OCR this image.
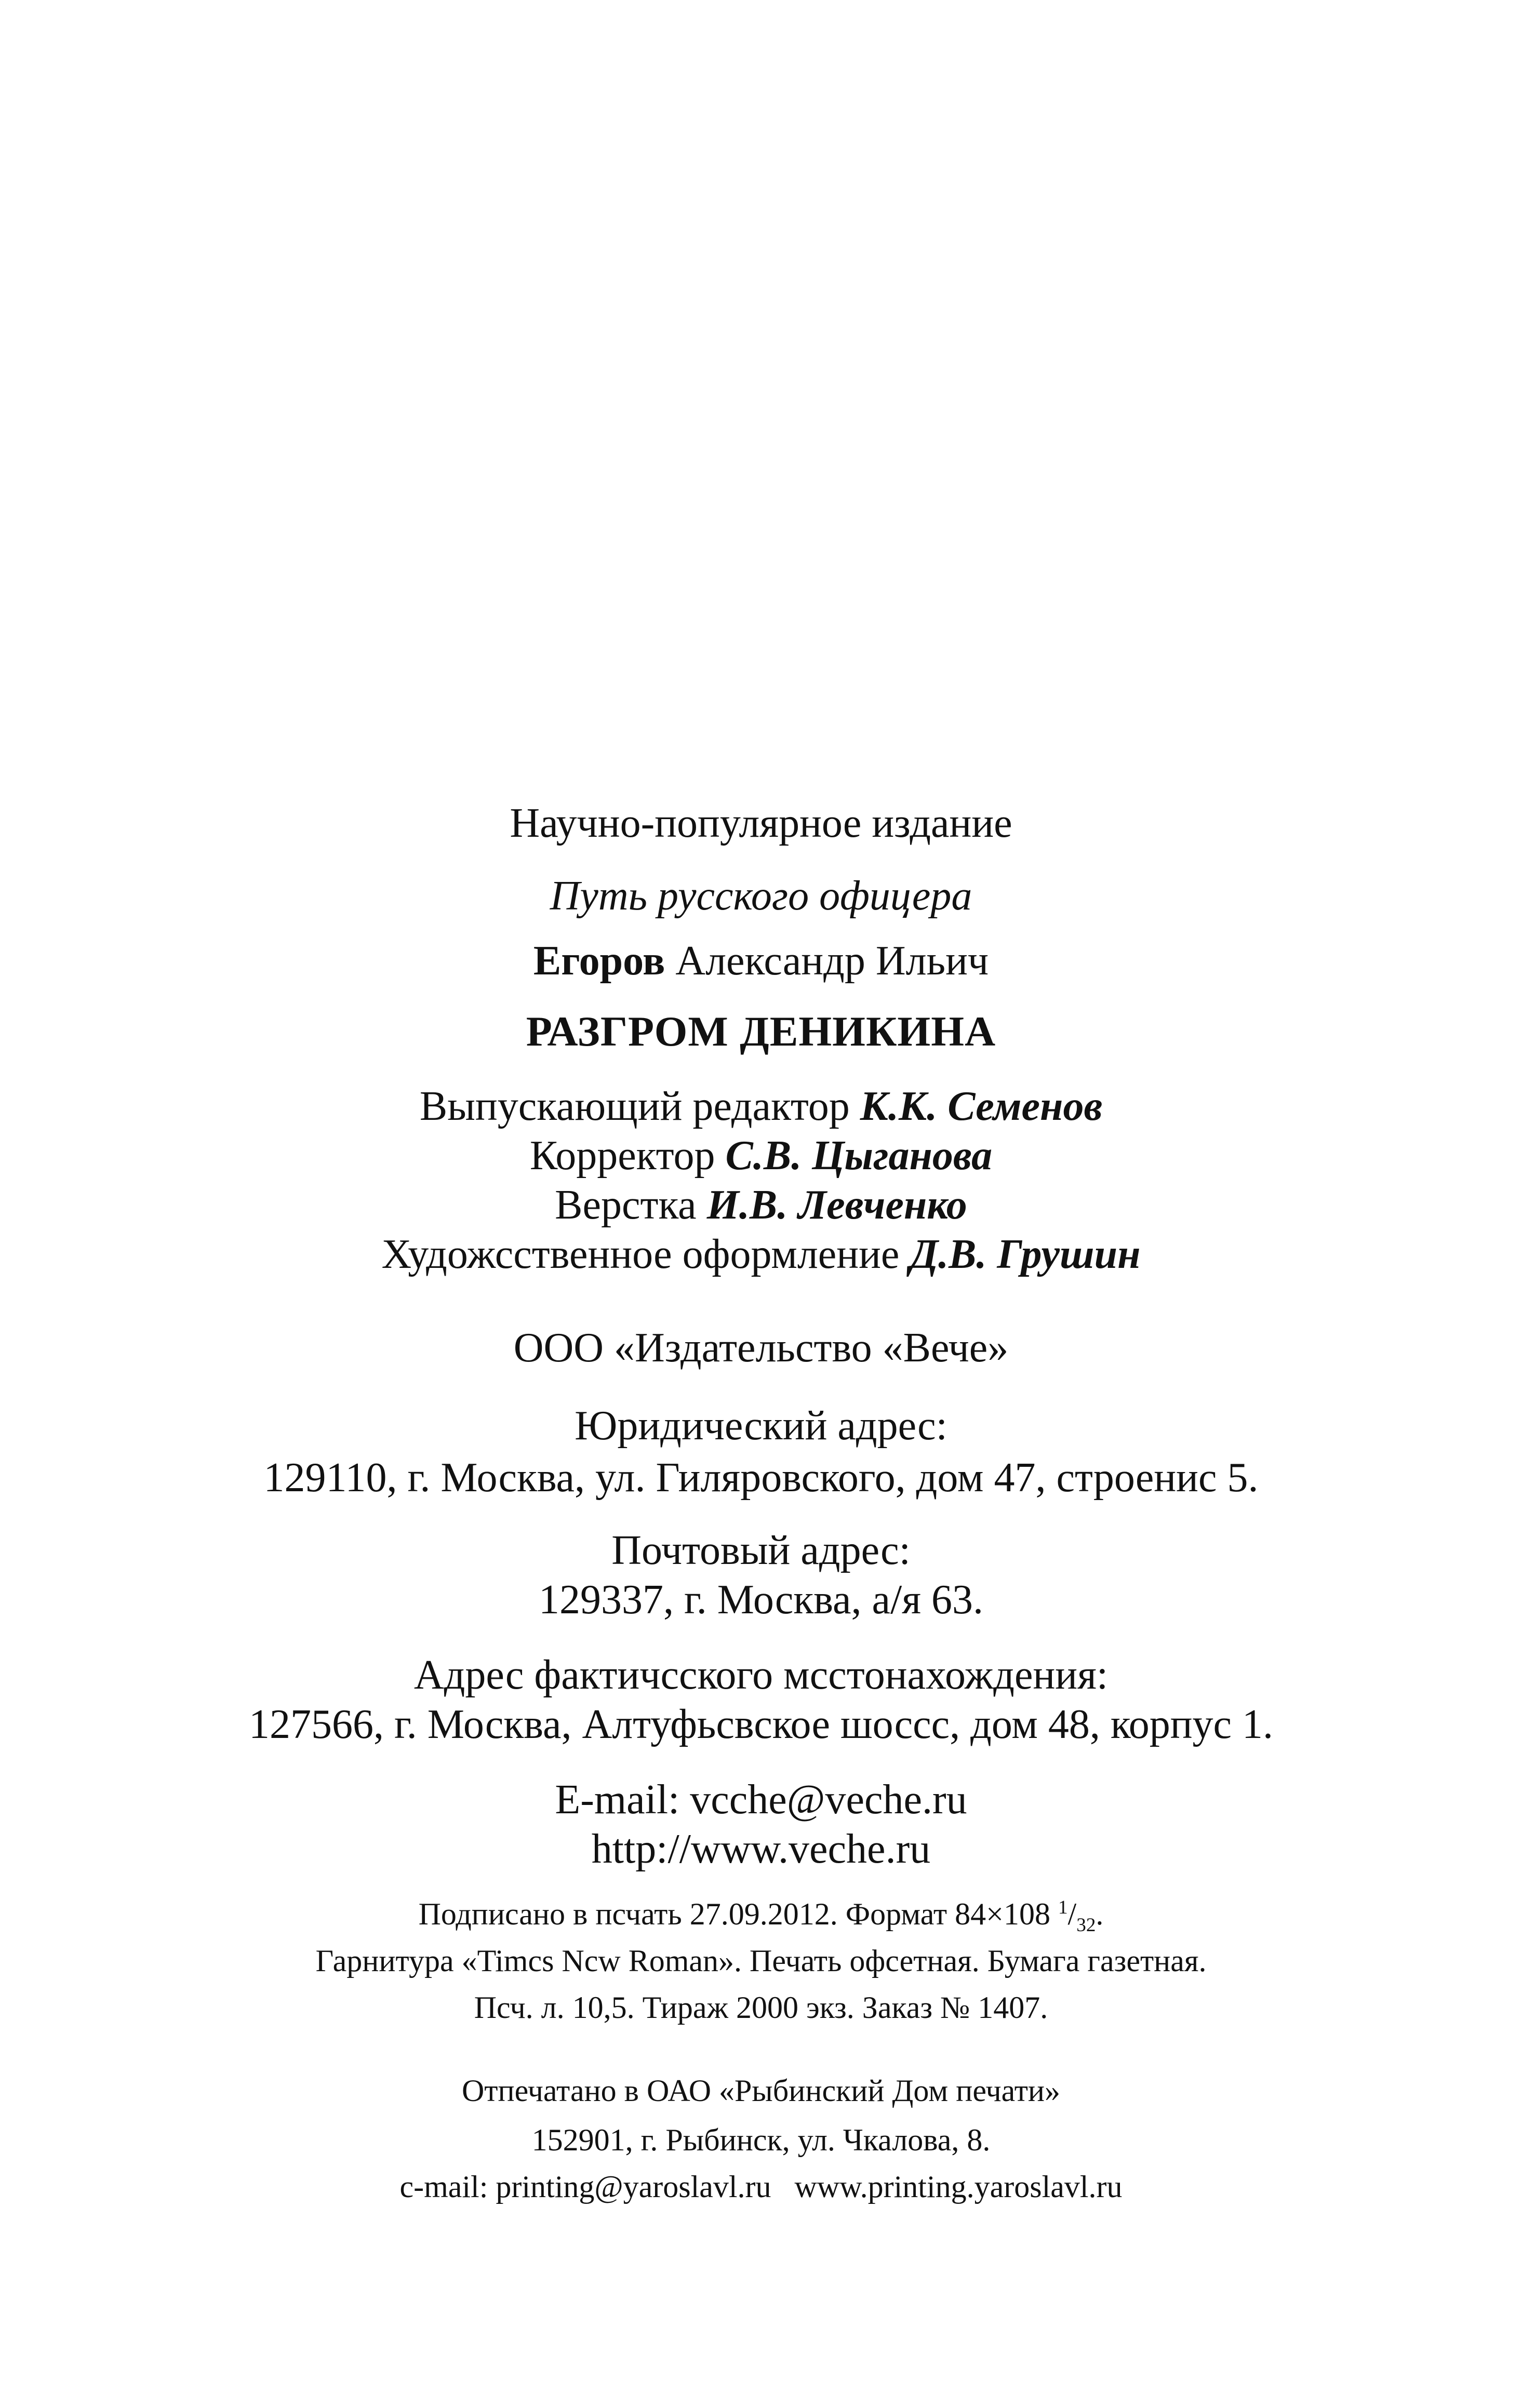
Научно-популярное издание
Путь русского офицера
Егоров Александр Ильич
РАЗГРОМ ДЕНИКИНА
Выпускающий редактор К.К. Семенов
Корректор С.В. Цыганова
Верстка И.В. Левченко
Художсственное оформление Д.В. Грушин
ООО «Издательство «Вече»
Юридический адрес:
129110, г. Москва, ул. Гиляровского, дом 47, строенис 5.
Почтовый адрес:
129337, г. Москва, а/я 63.
Адрес фактичсского мсстонахождения:
127566, г. Москва, Алтуфьсвское шоссс, дом 48, корпус 1.
E-mail: vcche@veche.ru
http://www.veche.ru
Подписано в псчать 27.09.2012. Формат 84×108 $^1/_{32}$.
Гарнитура «Timcs Ncw Roman». Печать офсетная. Бумага газетная.
Псч. л. 10,5. Тираж 2000 экз. Заказ № 1407.
Отпечатано в ОАО «Рыбинский Дом печати»
152901, г. Рыбинск, ул. Чкалова, 8.
c-mail: printing@yaroslavl.ru   www.printing.yaroslavl.ru
